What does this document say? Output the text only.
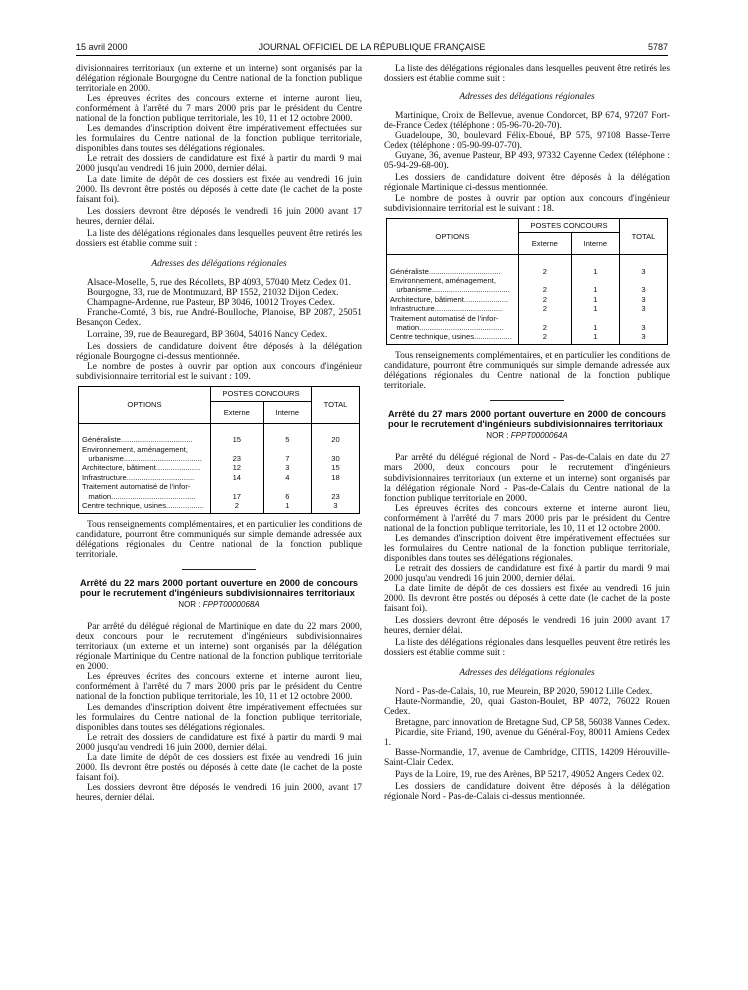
15 avril 2000	JOURNAL OFFICIEL DE LA RÉPUBLIQUE FRANÇAISE	5787

divisionnaires territoriaux (un externe et un interne) sont organisés par la délégation régionale Bourgogne du Centre national de la fonction publique territoriale en 2000.

Les épreuves écrites des concours externe et interne auront lieu, conformément à l'arrêté du 7 mars 2000 pris par le président du Centre national de la fonction publique territoriale, les 10, 11 et 12 octobre 2000.

Les demandes d'inscription doivent être impérativement effectuées sur les formulaires du Centre national de la fonction publique territoriale, disponibles dans toutes ses délégations régionales.

Le retrait des dossiers de candidature est fixé à partir du mardi 9 mai 2000 jusqu'au vendredi 16 juin 2000, dernier délai.

La date limite de dépôt de ces dossiers est fixée au vendredi 16 juin 2000. Ils devront être postés ou déposés à cette date (le cachet de la poste faisant foi).

Les dossiers devront être déposés le vendredi 16 juin 2000 avant 17 heures, dernier délai.

La liste des délégations régionales dans lesquelles peuvent être retirés les dossiers est établie comme suit :

Adresses des délégations régionales

Alsace-Moselle, 5, rue des Récollets, BP 4093, 57040 Metz Cedex 01.

Bourgogne, 33, rue de Montmuzard, BP 1552, 21032 Dijon Cedex.

Champagne-Ardenne, rue Pasteur, BP 3046, 10012 Troyes Cedex.

Franche-Comté, 3 bis, rue André-Boulloche, Planoise, BP 2087, 25051 Besançon Cedex.

Lorraine, 39, rue de Beauregard, BP 3604, 54016 Nancy Cedex.

Les dossiers de candidature doivent être déposés à la délégation régionale Bourgogne ci-dessus mentionnée.

Le nombre de postes à ouvrir par option aux concours d'ingénieur subdivisionnaire territorial est le suivant : 109.

OPTIONS	POSTES CONCOURS		TOTAL
	Externe	Interne	

Généraliste..................................	15	5	20
Environnement, aménagement,
urbanisme.....................................	23	7	30
Architecture, bâtiment.....................	12	3	15
Infrastructure................................	14	4	18
Traitement automatisé de l'infor-
mation........................................	17	6	23
Centre technique, usines..................	2	1	3

Tous renseignements complémentaires, et en particulier les conditions de candidature, pourront être communiqués sur simple demande adressée aux délégations régionales du Centre national de la fonction publique territoriale.

Arrêté du 22 mars 2000 portant ouverture en 2000 de concours pour le recrutement d'ingénieurs subdivisionnaires territoriaux

NOR : FPPT0000068A

Par arrêté du délégué régional de Martinique en date du 22 mars 2000, deux concours pour le recrutement d'ingénieurs subdivisionnaires territoriaux (un externe et un interne) sont organisés par la délégation régionale Martinique du Centre national de la fonction publique territoriale en 2000.

Les épreuves écrites des concours externe et interne auront lieu, conformément à l'arrêté du 7 mars 2000 pris par le président du Centre national de la fonction publique territoriale, les 10, 11 et 12 octobre 2000.

Les demandes d'inscription doivent être impérativement effectuées sur les formulaires du Centre national de la fonction publique territoriale, disponibles dans toutes ses délégations régionales.

Le retrait des dossiers de candidature est fixé à partir du mardi 9 mai 2000 jusqu'au vendredi 16 juin 2000, dernier délai.

La date limite de dépôt de ces dossiers est fixée au vendredi 16 juin 2000. Ils devront être postés ou déposés à cette date (le cachet de la poste faisant foi).

Les dossiers devront être déposés le vendredi 16 juin 2000, avant 17 heures, dernier délai.

La liste des délégations régionales dans lesquelles peuvent être retirés les dossiers est établie comme suit :

Adresses des délégations régionales

Martinique, Croix de Bellevue, avenue Condorcet, BP 674, 97207 Fort-de-France Cedex (téléphone : 05-96-70-20-70).

Guadeloupe, 30, boulevard Félix-Eboué, BP 575, 97108 Basse-Terre Cedex (téléphone : 05-90-99-07-70).

Guyane, 36, avenue Pasteur, BP 493, 97332 Cayenne Cedex (téléphone : 05-94-29-68-00).

Les dossiers de candidature doivent être déposés à la délégation régionale Martinique ci-dessus mentionnée.

Le nombre de postes à ouvrir par option aux concours d'ingénieur subdivisionnaire territorial est le suivant : 18.

OPTIONS	POSTES CONCOURS		TOTAL
	Externe	Interne	

Généraliste..................................	2	1	3
Environnement, aménagement,
urbanisme.....................................	2	1	3
Architecture, bâtiment.....................	2	1	3
Infrastructure................................	2	1	3
Traitement automatisé de l'infor-
mation........................................	2	1	3
Centre technique, usines..................	2	1	3

Tous renseignements complémentaires, et en particulier les conditions de candidature, pourront être communiqués sur simple demande adressée aux délégations régionales du Centre national de la fonction publique territoriale.

Arrêté du 27 mars 2000 portant ouverture en 2000 de concours pour le recrutement d'ingénieurs subdivisionnaires territoriaux

NOR : FPPT0000064A

Par arrêté du délégué régional de Nord - Pas-de-Calais en date du 27 mars 2000, deux concours pour le recrutement d'ingénieurs subdivisionnaires territoriaux (un externe et un interne) sont organisés par la délégation régionale Nord - Pas-de-Calais du Centre national de la fonction publique territoriale en 2000.

Les épreuves écrites des concours externe et interne auront lieu, conformément à l'arrêté du 7 mars 2000 pris par le président du Centre national de la fonction publique territoriale, les 10, 11 et 12 octobre 2000.

Les demandes d'inscription doivent être impérativement effectuées sur les formulaires du Centre national de la fonction publique territoriale, disponibles dans toutes ses délégations régionales.

Le retrait des dossiers de candidature est fixé à partir du mardi 9 mai 2000 jusqu'au vendredi 16 juin 2000, dernier délai.

La date limite de dépôt de ces dossiers est fixée au vendredi 16 juin 2000. Ils devront être postés ou déposés à cette date (le cachet de la poste faisant foi).

Les dossiers devront être déposés le vendredi 16 juin 2000 avant 17 heures, dernier délai.

La liste des délégations régionales dans lesquelles peuvent être retirés les dossiers est établie comme suit :

Adresses des délégations régionales

Nord - Pas-de-Calais, 10, rue Meurein, BP 2020, 59012 Lille Cedex.

Haute-Normandie, 20, quai Gaston-Boulet, BP 4072, 76022 Rouen Cedex.

Bretagne, parc innovation de Bretagne Sud, CP 58, 56038 Vannes Cedex.

Picardie, site Friand, 190, avenue du Général-Foy, 80011 Amiens Cedex 1.

Basse-Normandie, 17, avenue de Cambridge, CITIS, 14209 Hérouville-Saint-Clair Cedex.

Pays de la Loire, 19, rue des Arènes, BP 5217, 49052 Angers Cedex 02.

Les dossiers de candidature doivent être déposés à la délégation régionale Nord - Pas-de-Calais ci-dessus mentionnée.
